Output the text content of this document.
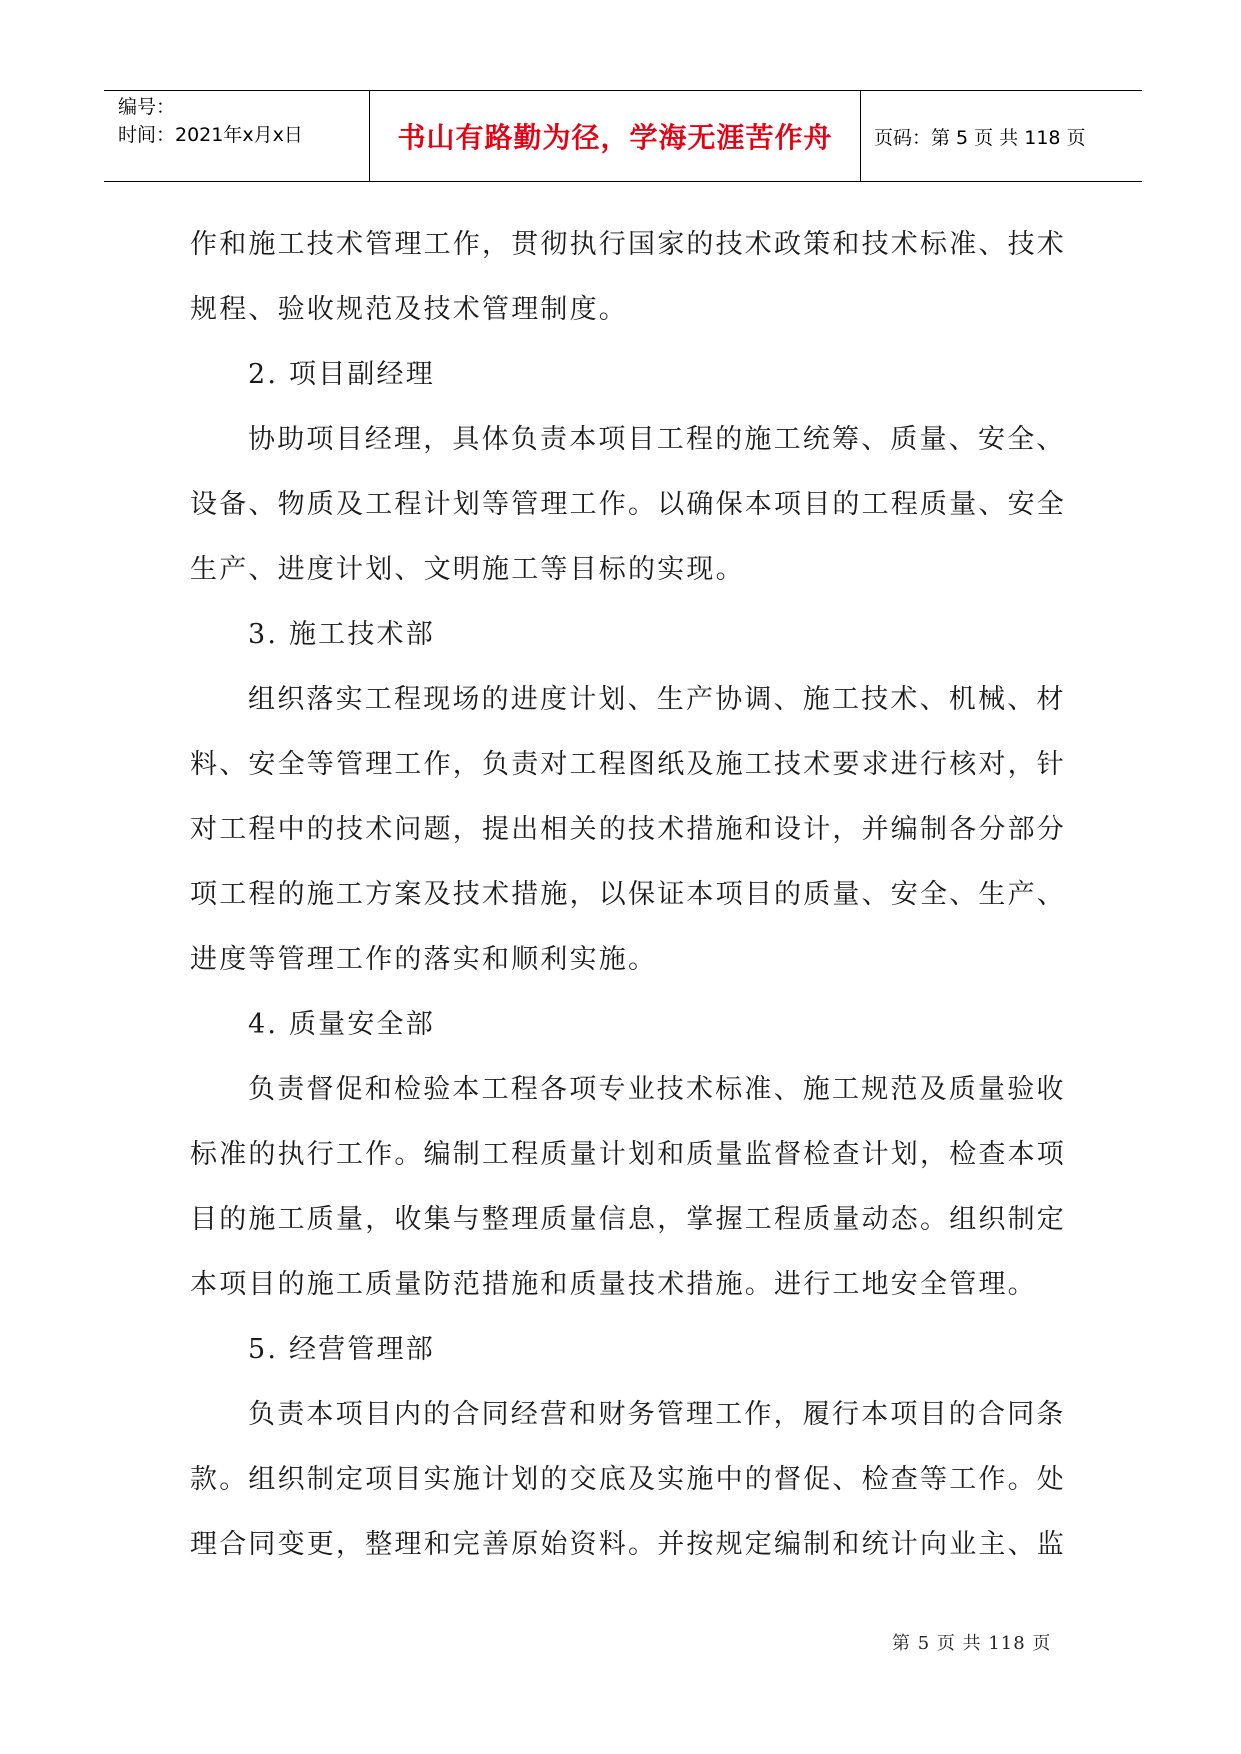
编号：
时间：2021年x月x日	书山有路勤为径，学海无涯苦作舟	页码：第 5 页 共 118 页

作和施工技术管理工作，贯彻执行国家的技术政策和技术标准、技术

规程、验收规范及技术管理制度。

2. 项目副经理

协助项目经理，具体负责本项目工程的施工统筹、质量、安全、

设备、物质及工程计划等管理工作。以确保本项目的工程质量、安全

生产、进度计划、文明施工等目标的实现。

3. 施工技术部

组织落实工程现场的进度计划、生产协调、施工技术、机械、材

料、安全等管理工作，负责对工程图纸及施工技术要求进行核对，针

对工程中的技术问题，提出相关的技术措施和设计，并编制各分部分

项工程的施工方案及技术措施，以保证本项目的质量、安全、生产、

进度等管理工作的落实和顺利实施。

4. 质量安全部

负责督促和检验本工程各项专业技术标准、施工规范及质量验收

标准的执行工作。编制工程质量计划和质量监督检查计划，检查本项

目的施工质量，收集与整理质量信息，掌握工程质量动态。组织制定

本项目的施工质量防范措施和质量技术措施。进行工地安全管理。

5. 经营管理部

负责本项目内的合同经营和财务管理工作，履行本项目的合同条

款。组织制定项目实施计划的交底及实施中的督促、检查等工作。处

理合同变更，整理和完善原始资料。并按规定编制和统计向业主、监

第 5 页 共 118 页
